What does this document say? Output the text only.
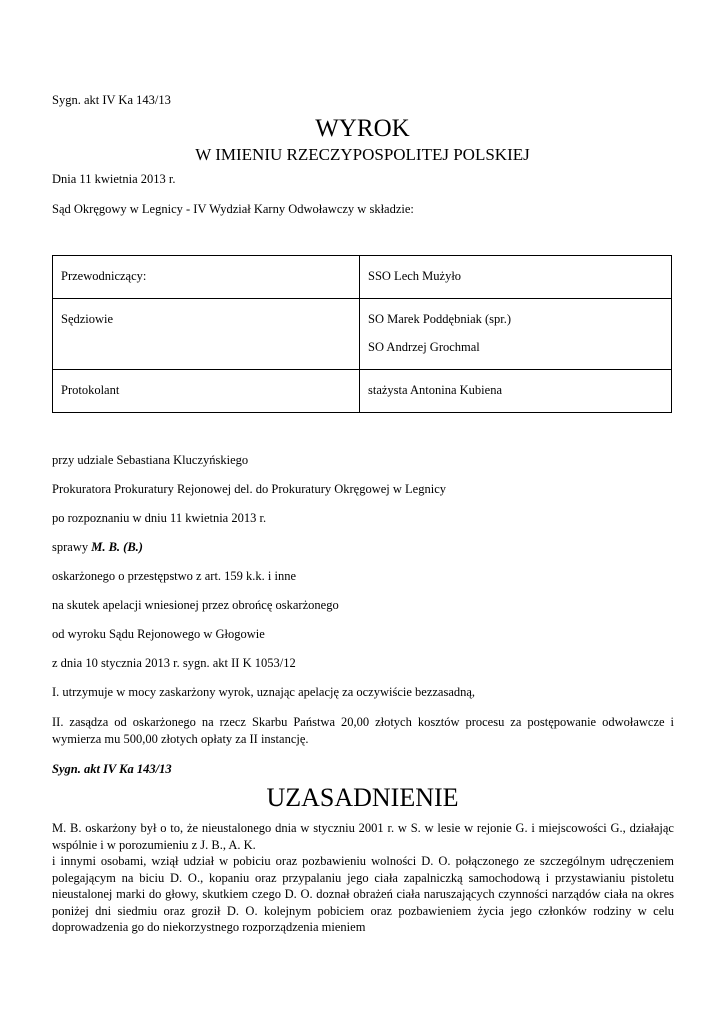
Sygn. akt IV Ka 143/13
WYROK
W IMIENIU RZECZYPOSPOLITEJ POLSKIEJ
Dnia 11 kwietnia 2013 r.
Sąd Okręgowy w Legnicy - IV Wydział Karny Odwoławczy w składzie:
Przewodniczący:	SSO Lech Mużyło

Sędziowie	SO Marek Poddębniak (spr.)
SO Andrzej Grochmal

Protokolant	stażysta Antonina Kubiena
przy udziale Sebastiana Kluczyńskiego
Prokuratora Prokuratury Rejonowej del. do Prokuratury Okręgowej w Legnicy
po rozpoznaniu w dniu 11 kwietnia 2013 r.
sprawy M. B. (B.)
oskarżonego o przestępstwo z art. 159 k.k. i inne
na skutek apelacji wniesionej przez obrońcę oskarżonego
od wyroku Sądu Rejonowego w Głogowie
z dnia 10 stycznia 2013 r. sygn. akt II K 1053/12
I. utrzymuje w mocy zaskarżony wyrok, uznając apelację za oczywiście bezzasadną,
II. zasądza od oskarżonego na rzecz Skarbu Państwa 20,00 złotych kosztów procesu za postępowanie odwoławcze i wymierza mu 500,00 złotych opłaty za II instancję.
Sygn. akt IV Ka 143/13
UZASADNIENIE
M. B. oskarżony był o to, że nieustalonego dnia w styczniu 2001 r. w S. w lesie w rejonie G. i miejscowości G., działając wspólnie i w porozumieniu z J. B., A. K.
i innymi osobami, wziął udział w pobiciu oraz pozbawieniu wolności D. O. połączonego ze szczególnym udręczeniem polegającym na biciu D. O., kopaniu oraz przypalaniu jego ciała zapalniczką samochodową i przystawianiu pistoletu nieustalonej marki do głowy, skutkiem czego D. O. doznał obrażeń ciała naruszających czynności narządów ciała na okres poniżej dni siedmiu oraz groził D. O. kolejnym pobiciem oraz pozbawieniem życia jego członków rodziny w celu doprowadzenia go do niekorzystnego rozporządzenia mieniem
